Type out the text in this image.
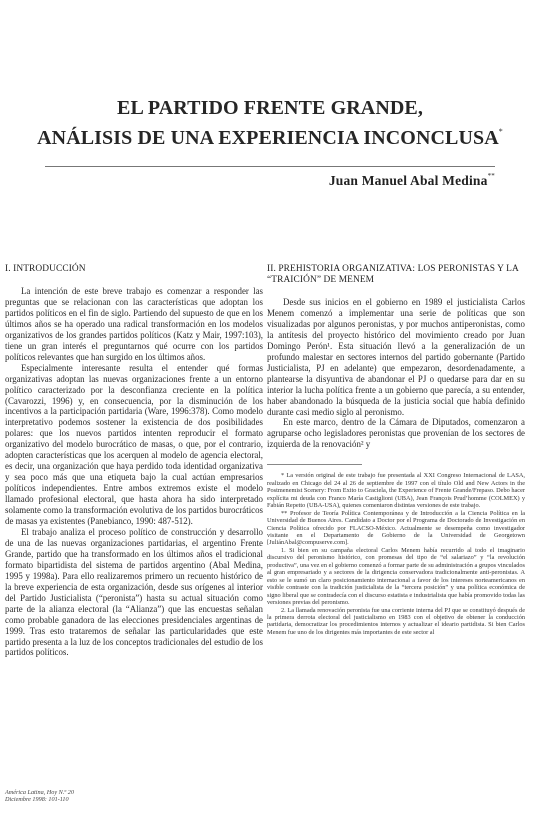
EL PARTIDO FRENTE GRANDE,
ANÁLISIS DE UNA EXPERIENCIA INCONCLUSA*
Juan Manuel Abal Medina**
I. INTRODUCCIÓN

La intención de este breve trabajo es comenzar a responder las preguntas que se relacionan con las características que adoptan los partidos políticos en el fin de siglo. Partiendo del supuesto de que en los últimos años se ha operado una radical transformación en los modelos organizativos de los grandes partidos políticos (Katz y Mair, 1997:103), tiene un gran interés el preguntarnos qué ocurre con los partidos políticos relevantes que han surgido en los últimos años.

Especialmente interesante resulta el entender qué formas organizativas adoptan las nuevas organizaciones frente a un entorno político caracterizado por la desconfianza creciente en la política (Cavarozzi, 1996) y, en consecuencia, por la disminución de los incentivos a la participación partidaria (Ware, 1996:378). Como modelo interpretativo podemos sostener la existencia de dos posibilidades polares: que los nuevos partidos intenten reproducir el formato organizativo del modelo burocrático de masas, o que, por el contrario, adopten características que los acerquen al modelo de agencia electoral, es decir, una organización que haya perdido toda identidad organizativa y sea poco más que una etiqueta bajo la cual actúan empresarios políticos independientes. Entre ambos extremos existe el modelo llamado profesional electoral, que hasta ahora ha sido interpretado solamente como la transformación evolutiva de los partidos burocráticos de masas ya existentes (Panebianco, 1990: 487-512).

El trabajo analiza el proceso político de construcción y desarrollo de una de las nuevas organizaciones partidarias, el argentino Frente Grande, partido que ha transformado en los últimos años el tradicional formato bipartidista del sistema de partidos argentino (Abal Medina, 1995 y 1998a). Para ello realizaremos primero un recuento histórico de la breve experiencia de esta organización, desde sus orígenes al interior del Partido Justicialista (“peronista”) hasta su actual situación como parte de la alianza electoral (la “Alianza”) que las encuestas señalan como probable ganadora de las elecciones presidenciales argentinas de 1999. Tras esto trataremos de señalar las particularidades que este partido presenta a la luz de los conceptos tradicionales del estudio de los partidos políticos.

II. PREHISTORIA ORGANIZATIVA: LOS PERONISTAS Y LA “TRAICIÓN” DE MENEM

Desde sus inicios en el gobierno en 1989 el justicialista Carlos Menem comenzó a implementar una serie de políticas que son visualizadas por algunos peronistas, y por muchos antiperonistas, como la antítesis del proyecto histórico del movimiento creado por Juan Domingo Perón¹. Esta situación llevó a la generalización de un profundo malestar en sectores internos del partido gobernante (Partido Justicialista, PJ en adelante) que empezaron, desordenadamente, a plantearse la disyuntiva de abandonar el PJ o quedarse para dar en su interior la lucha política frente a un gobierno que parecía, a su entender, haber abandonado la búsqueda de la justicia social que había definido durante casi medio siglo al peronismo.

En este marco, dentro de la Cámara de Diputados, comenzaron a agruparse ocho legisladores peronistas que provenían de los sectores de izquierda de la renovación² y

* La versión original de este trabajo fue presentada al XXI Congreso Internacional de LASA, realizado en Chicago del 24 al 26 de septiembre de 1997 con el título Old and New Actors in the Postmenemist Scenery: From Exito to Graciela, the Experience of Frente Grande/Frepaso. Debo hacer explícita mi deuda con Franco María Castiglioni (UBA), Jean François Prud’homme (COLMEX) y Fabián Repetto (UBA-USA), quienes comentaron distintas versiones de este trabajo.

** Profesor de Teoría Política Contemporánea y de Introducción a la Ciencia Política en la Universidad de Buenos Aires. Candidato a Doctor por el Programa de Doctorado de Investigación en Ciencia Política ofrecido por FLACSO-México. Actualmente se desempeña como investigador visitante en el Departamento de Gobierno de la Universidad de Georgetown [JuliánAbal@compuserve.com].

1. Si bien en su campaña electoral Carlos Menem había recurrido al todo el imaginario discursivo del peronismo histórico, con promesas del tipo de “el salariazo” y “la revolución productiva”, una vez en el gobierno comenzó a formar parte de su administración a grupos vinculados al gran empresariado y a sectores de la dirigencia conservadora tradicionalmente anti-peronistas. A esto se le sumó un claro posicionamiento internacional a favor de los intereses norteamericanos en visible contraste con la tradición justicialista de la “tercera posición” y una política económica de signo liberal que se contradecía con el discurso estatista e industrialista que había promovido todas las versiones previas del peronismo.

2. La llamada renovación peronista fue una corriente interna del PJ que se constituyó después de la primera derrota electoral del justicialismo en 1983 con el objetivo de obtener la conducción partidaria, democratizar los procedimientos internos y actualizar el ideario partidista. Si bien Carlos Menem fue uno de los dirigentes más importantes de este sector al

América Latina, Hoy N.º 20
Diciembre 1998: 101-110
